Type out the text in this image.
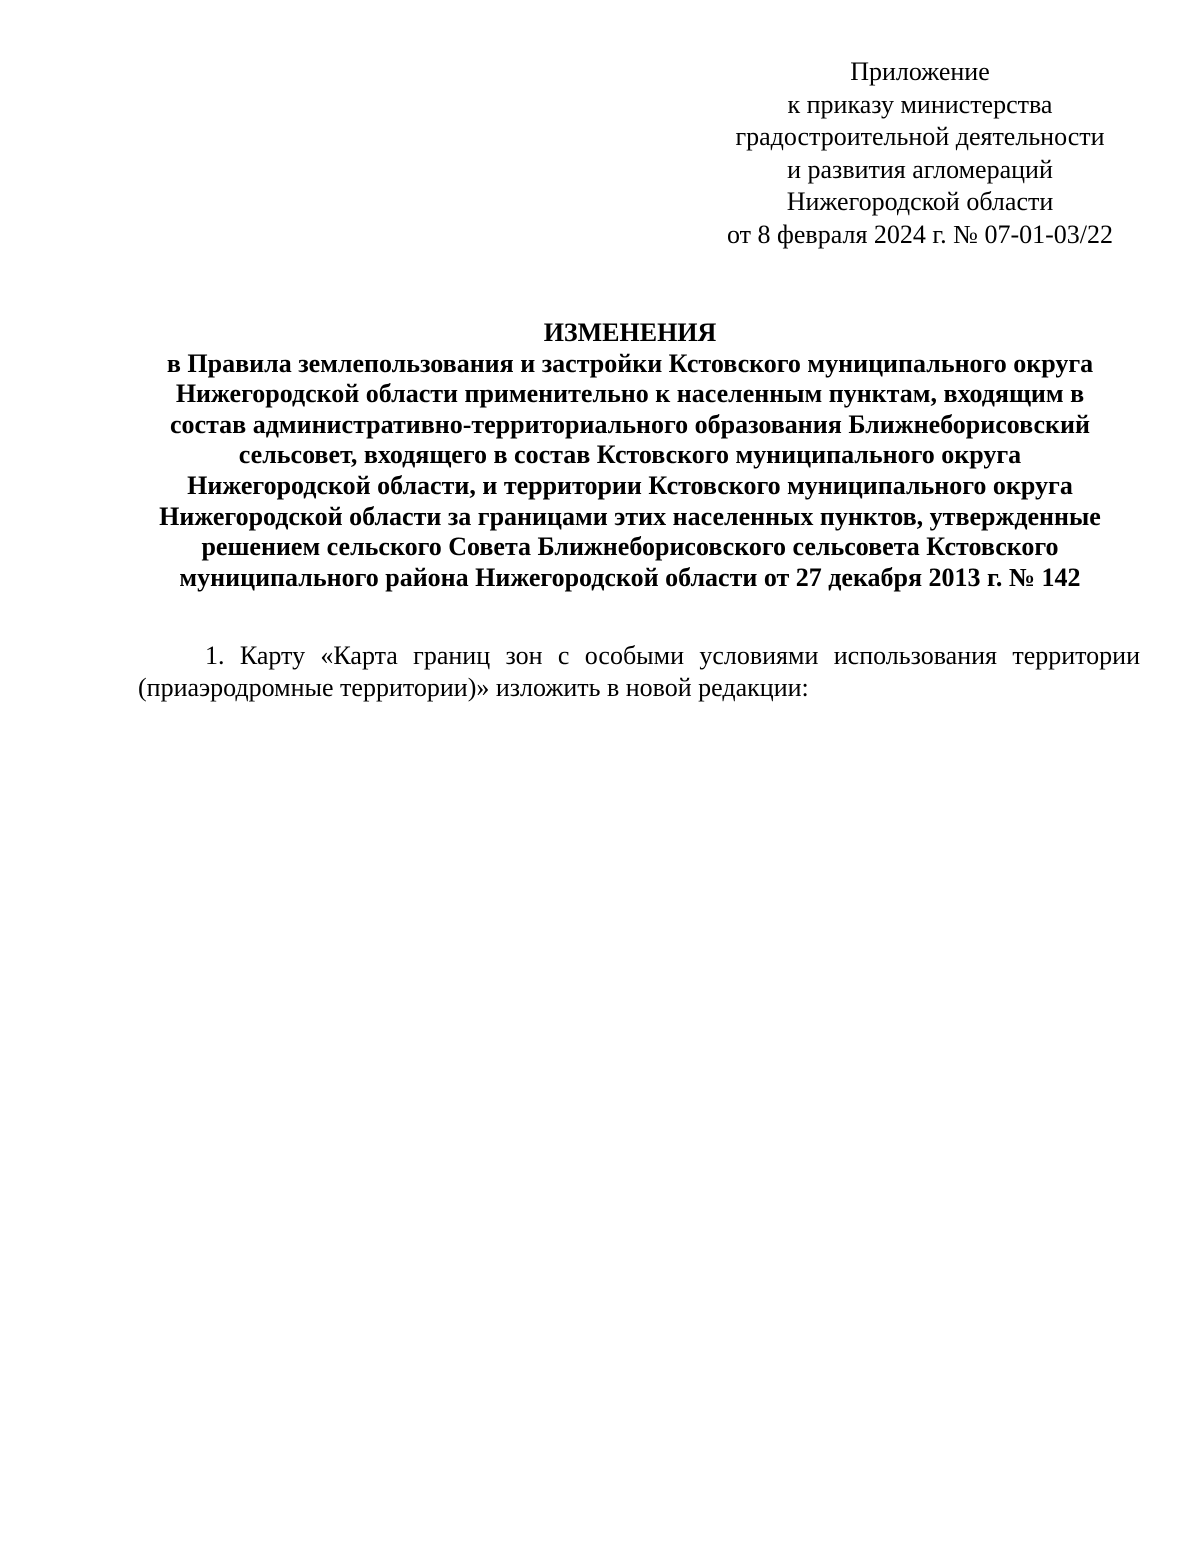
Приложение
к приказу министерства
градостроительной деятельности
и развития агломераций
Нижегородской области
от 8 февраля 2024 г. № 07-01-03/22
ИЗМЕНЕНИЯ
в Правила землепользования и застройки Кстовского муниципального округа
Нижегородской области применительно к населенным пунктам, входящим в
состав административно-территориального образования Ближнеборисовский
сельсовет, входящего в состав Кстовского муниципального округа
Нижегородской области, и территории Кстовского муниципального округа
Нижегородской области за границами этих населенных пунктов, утвержденные
решением сельского Совета Ближнеборисовского сельсовета Кстовского
муниципального района Нижегородской области от 27 декабря 2013 г. № 142

1. Карту «Карта границ зон с особыми условиями использования территории
(приаэродромные территории)» изложить в новой редакции:
